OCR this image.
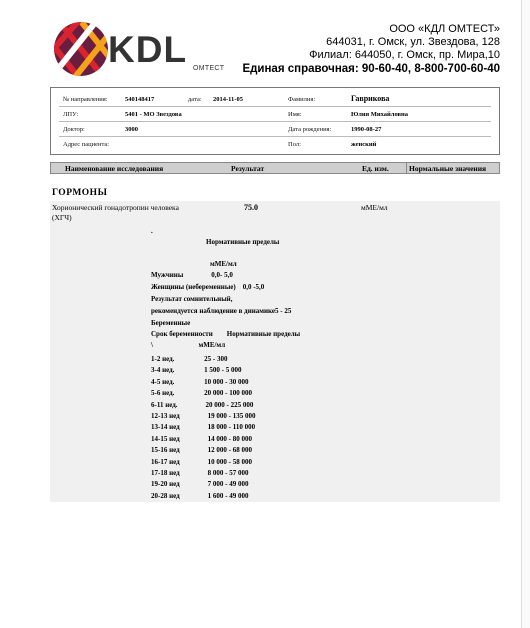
KDL OMTECT
ООО «КДЛ ОМТЕСТ»
644031, г. Омск, ул. Звездова, 128
Филиал: 644050, г. Омск, пр. Мира,10
Единая справочная: 90-60-40, 8-800-700-60-40
№ направления:	540148417	дата: 2014-11-05	Фамилия:	Гаврикова
ЛПУ:	5401 - МО Звездова	Имя:	Юлия Михайловна
Доктор:	3000	Дата рождения:	1990-08-27
Адрес пациента:	Пол:	женский
Наименование исследования	Результат	Ед. изм.	Нормальные значения
ГОРМОНЫ
Хорионический гонадотропин человека
(ХГЧ)
75.0	мМЕ/мл
.
Нормативные пределы
мМЕ/мл
Мужчины                0,0- 5,0
Женщины (небеременные)    0,0 -5,0
Результат сомнительный,
рекомендуется наблюдение в динамике5 - 25
Беременные
Срок беременности        Нормативные пределы
\                          мМЕ/мл
1-2 нед.                 25 - 300
3-4 нед.                 1 500 - 5 000
4-5 нед.                 10 000 - 30 000
5-6 нед.                 20 000 - 100 000
6-11 нед.                20 000 - 225 000
12-13 нед                19 000 - 135 000
13-14 нед                18 000 - 110 000
14-15 нед                14 000 - 80 000
15-16 нед                12 000 - 68 000
16-17 нед                10 000 - 58 000
17-18 нед                8 000 - 57 000
19-20 нед                7 000 - 49 000
20-28 нед                1 600 - 49 000
